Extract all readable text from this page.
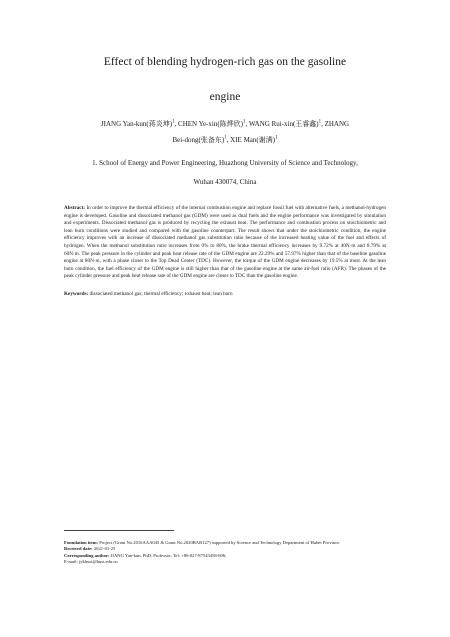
Effect of blending hydrogen-rich gas on the gasoline
engine
JIANG Yan-kun(蒋炎坤)$^1$, CHEN Ye-xin(陈烨欣)$^1$, WANG Rui-xin(王睿鑫)$^1$, ZHANG
Bei-dong(张备东)$^1$, XIE Man(谢满)$^1$
1. School of Energy and Power Engineering, Huazhong University of Science and Technology,
Wuhan 430074, China
Abstract: In order to improve the thermal efficiency of the internal combustion engine and replace fossil fuel with alternative fuels, a methanol-hydrogen engine is developed. Gasoline and dissociated methanol gas (GDM) were used as dual fuels and the engine performance was investigated by simulation and experiments. Dissociated methanol gas is produced by recycling the exhaust heat. The performance and combustion process on stoichiometric and lean burn conditions were studied and compared with the gasoline counterpart. The result shows that under the stoichiometric condition, the engine efficiency improves with an increase of dissociated methanol gas substitution ratio because of the increased heating value of the fuel and effects of hydrogen. When the methanol substitution ratio increases from 0% to 80%, the brake thermal efficiency increases by 9.72% at 40N·m and 8.79% at 60N·m. The peak pressure in the cylinder and peak heat release rate of the GDM engine are 22.29% and 57.97% higher than that of the baseline gasoline engine at 80N·m, with a phase closer to the Top Dead Center (TDC). However, the torque of the GDM engine decreases by 19.5% at most. At the lean burn condition, the fuel efficiency of the GDM engine is still higher than that of the gasoline engine at the same air-fuel ratio (AFR). The phases of the peak cylinder pressure and peak heat release rate of the GDM engine are closer to TDC than the gasoline engine.
Keywords: dissociated methanol gas; thermal efficiency; exhaust heat; lean burn
Foundation item: Project (Grant No.2016AAA045 & Grant No.2020BAB127) supported by Science and Technology Department of Hubei Province.
Received date: 2021-01-25
Corresponding author: JIANG Yan-kun, PhD, Professor; Tel: +86-027-87543458-606;
E-mail: jykhust@hust.edu.cn
